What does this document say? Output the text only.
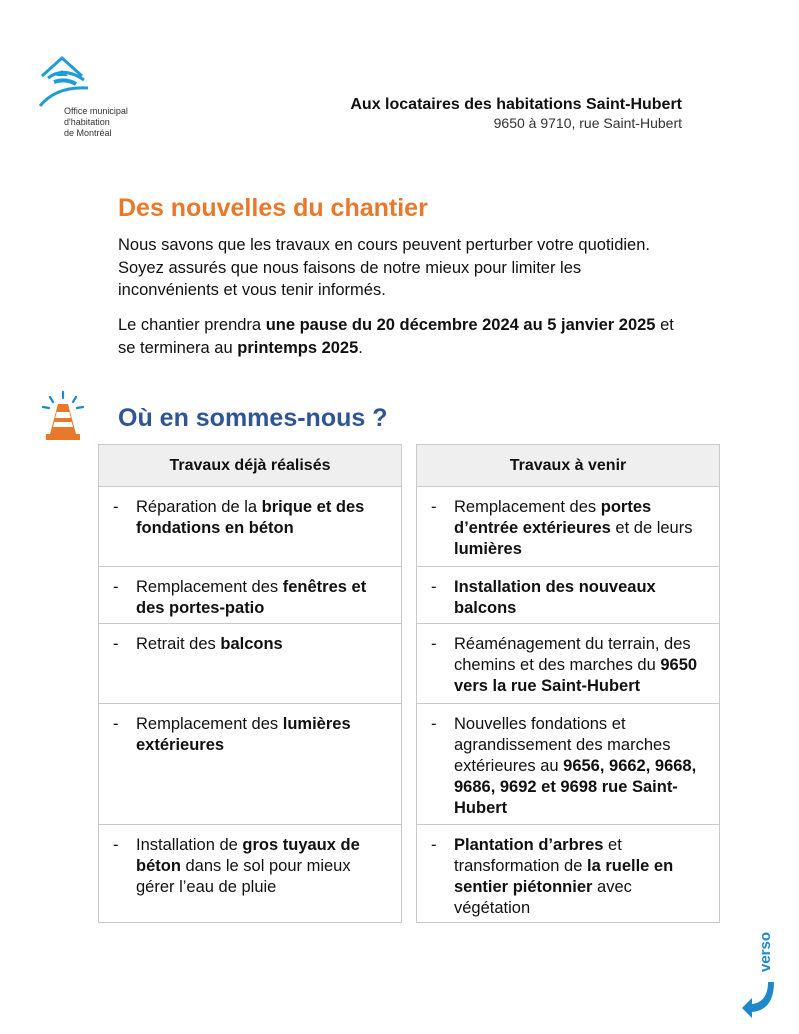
Office municipal
d'habitation
de Montréal
Aux locataires des habitations Saint-Hubert
9650 à 9710, rue Saint-Hubert
Des nouvelles du chantier

Nous savons que les travaux en cours peuvent perturber votre quotidien. Soyez assurés que nous faisons de notre mieux pour limiter les inconvénients et vous tenir informés.

Le chantier prendra une pause du 20 décembre 2024 au 5 janvier 2025 et se terminera au printemps 2025.

Où en sommes-nous ?
Travaux déjà réalisés

-	Réparation de la brique et des fondations en béton

-	Remplacement des fenêtres et des portes-patio

-	Retrait des balcons

-	Remplacement des lumières extérieures

-	Installation de gros tuyaux de béton dans le sol pour mieux gérer l’eau de pluie
Travaux à venir

-	Remplacement des portes d’entrée extérieures et de leurs lumières

-	Installation des nouveaux balcons

-	Réaménagement du terrain, des chemins et des marches du 9650 vers la rue Saint-Hubert

-	Nouvelles fondations et agrandissement des marches extérieures au 9656, 9662, 9668, 9686, 9692 et 9698 rue Saint-Hubert

-	Plantation d’arbres et transformation de la ruelle en sentier piétonnier avec végétation
verso
